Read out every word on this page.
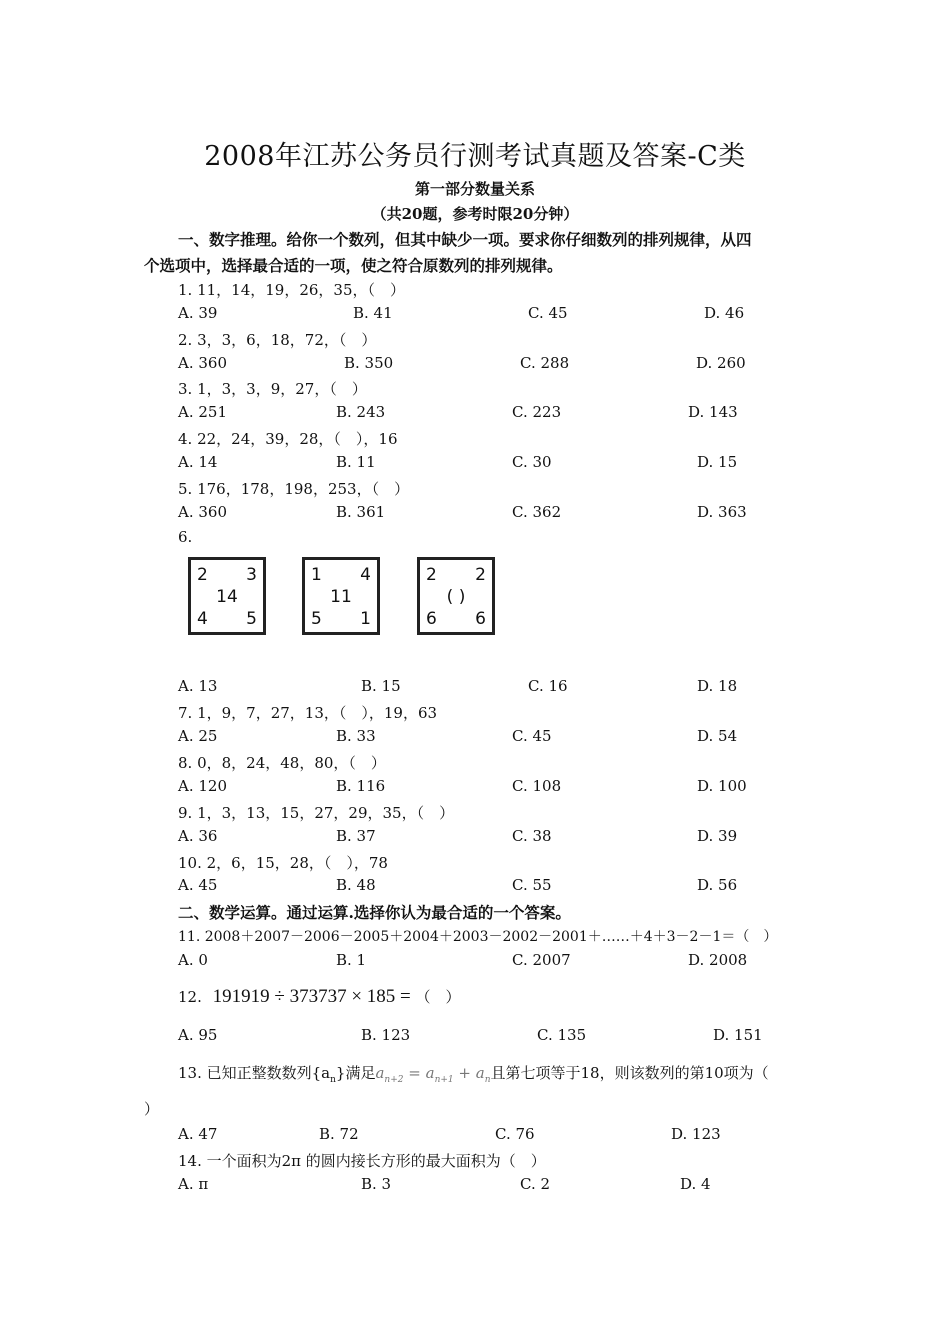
2008年江苏公务员行测考试真题及答案-C类
第一部分数量关系
（共20题，参考时限20分钟）
一、数字推理。给你一个数列，但其中缺少一项。要求你仔细数列的排列规律，从四
个选项中，选择最合适的一项，使之符合原数列的排列规律。
1. 11，14，19，26，35，（　）
A. 39	B. 41	C. 45	D. 46
2. 3，3，6，18，72，（　）
A. 360	B. 350	C. 288	D. 260
3. 1，3，3，9，27，（　）
A. 251	B. 243	C. 223	D. 143
4. 22，24，39，28，（　），16
A. 14	B. 11	C. 30	D. 15
5. 176，178，198，253，（　）
A. 360	B. 361	C. 362	D. 363
6.
2 3
14
4 5
1 4
11
5 1
2 2
( )
6 6
A. 13	B. 15	C. 16	D. 18
7. 1，9，7，27，13，（　），19，63
A. 25	B. 33	C. 45	D. 54
8. 0，8，24，48，80，（　）
A. 120	B. 116	C. 108	D. 100
9. 1，3，13，15，27，29，35，（　）
A. 36	B. 37	C. 38	D. 39
10. 2，6，15，28，（　），78
A. 45	B. 48	C. 55	D. 56
二、数学运算。通过运算.选择你认为最合适的一个答案。
11. 2008＋2007－2006－2005＋2004＋2003－2002－2001＋……＋4＋3－2－1＝（　）
A. 0	B. 1	C. 2007	D. 2008
12. 191919 ÷ 373737 × 185 = （　）
A. 95	B. 123	C. 135	D. 151
13. 已知正整数数列$\{a_n\}$满足$a_{n+2} = a_{n+1} + a_n$且第七项等于18，则该数列的第10项为（
）
A. 47	B. 72	C. 76	D. 123
14. 一个面积为2π 的圆内接长方形的最大面积为（　）
A. π	B. 3	C. 2	D. 4
